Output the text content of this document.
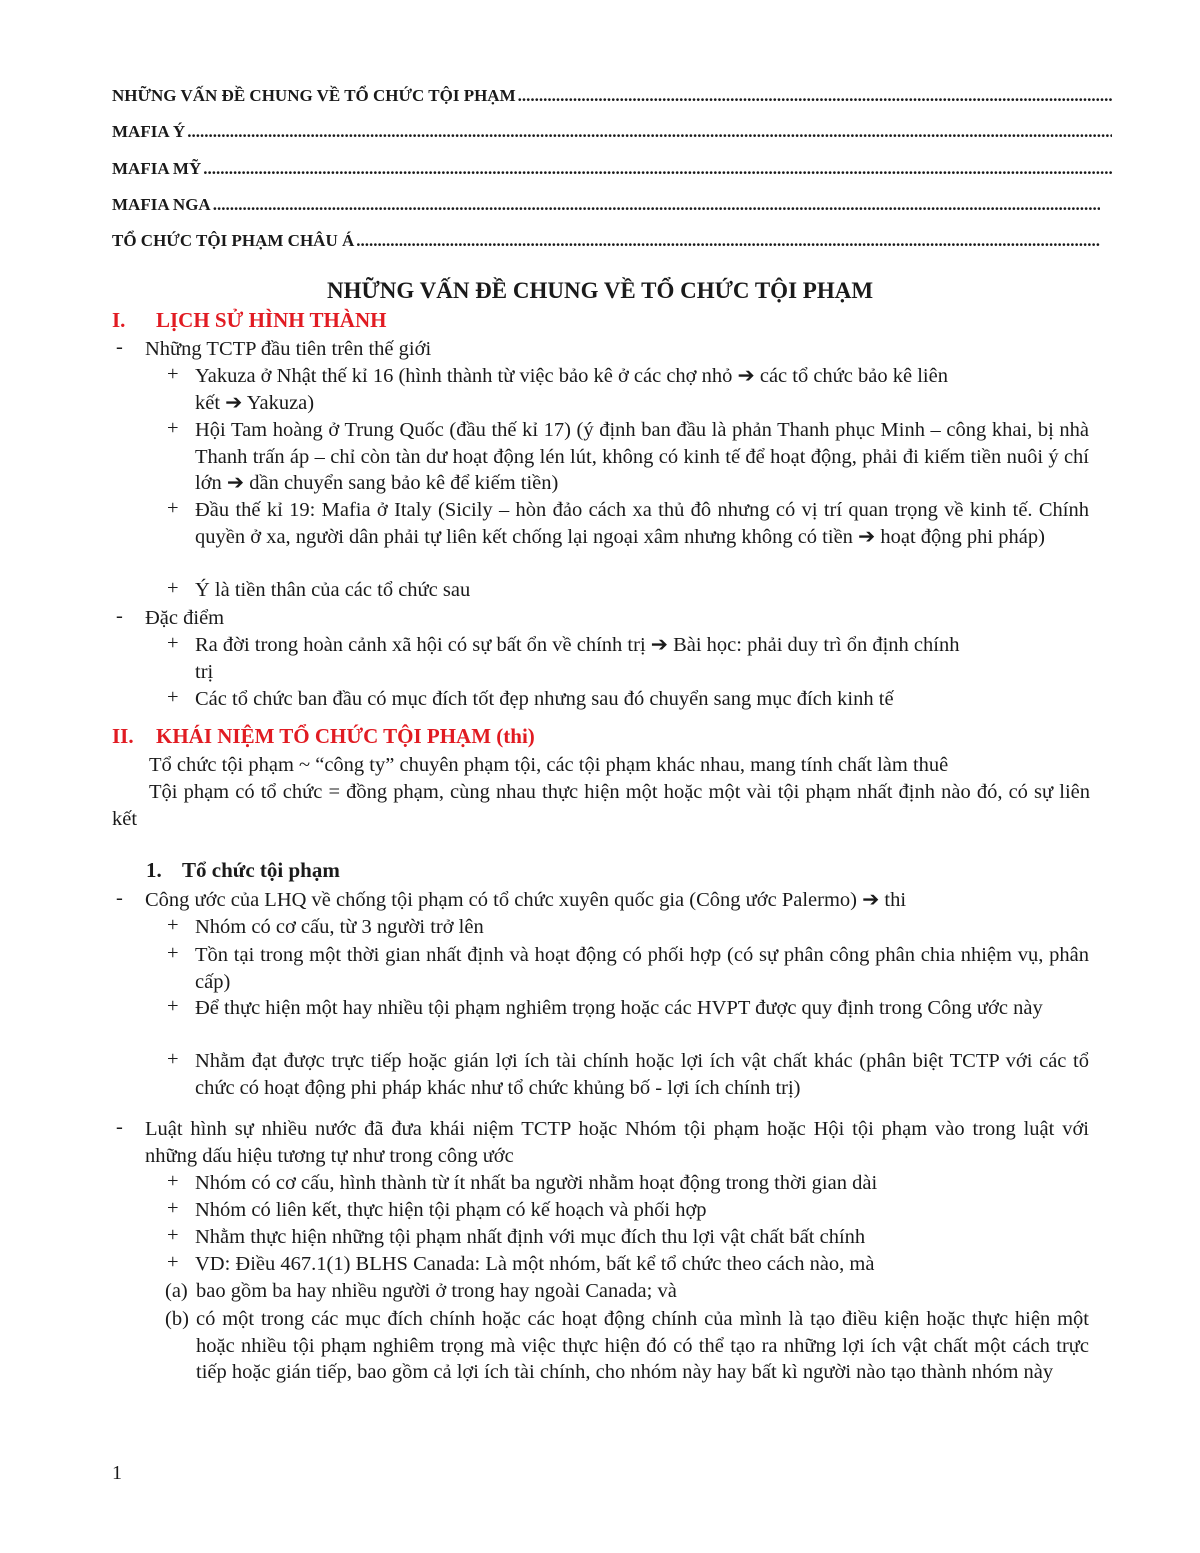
NHỮNG VẤN ĐỀ CHUNG VỀ TỔ CHỨC TỘI PHẠM
.....
MAFIA Ý
.....
MAFIA MỸ
.....
MAFIA NGA
.....
TỔ CHỨC TỘI PHẠM CHÂU Á
.....
NHỮNG VẤN ĐỀ CHUNG VỀ TỔ CHỨC TỘI PHẠM
I. LỊCH SỬ HÌNH THÀNH
- Những TCTP đầu tiên trên thế giới
+ Yakuza ở Nhật thế kỉ 16 (hình thành từ việc bảo kê ở các chợ nhỏ ➔ các tổ chức bảo kê liên
kết ➔ Yakuza)
+ Hội Tam hoàng ở Trung Quốc (đầu thế kỉ 17) (ý định ban đầu là phản Thanh phục Minh – công khai, bị nhà Thanh trấn áp – chỉ còn tàn dư hoạt động lén lút, không có kinh tế để hoạt động, phải đi kiếm tiền nuôi ý chí lớn ➔ dần chuyển sang bảo kê để kiếm tiền)
+ Đầu thế kỉ 19: Mafia ở Italy (Sicily – hòn đảo cách xa thủ đô nhưng có vị trí quan trọng về kinh tế. Chính quyền ở xa, người dân phải tự liên kết chống lại ngoại xâm nhưng không có tiền ➔ hoạt động phi pháp)
+ Ý là tiền thân của các tổ chức sau
- Đặc điểm
+ Ra đời trong hoàn cảnh xã hội có sự bất ổn về chính trị ➔ Bài học: phải duy trì ổn định chính
trị
+ Các tổ chức ban đầu có mục đích tốt đẹp nhưng sau đó chuyển sang mục đích kinh tế
II. KHÁI NIỆM TỔ CHỨC TỘI PHẠM (thi)
Tổ chức tội phạm ~ “công ty” chuyên phạm tội, các tội phạm khác nhau, mang tính chất làm thuê
Tội phạm có tổ chức = đồng phạm, cùng nhau thực hiện một hoặc một vài tội phạm nhất định nào đó, có sự liên kết
1. Tổ chức tội phạm
- Công ước của LHQ về chống tội phạm có tổ chức xuyên quốc gia (Công ước Palermo) ➔ thi
+ Nhóm có cơ cấu, từ 3 người trở lên
+ Tồn tại trong một thời gian nhất định và hoạt động có phối hợp (có sự phân công phân chia nhiệm vụ, phân cấp)
+ Để thực hiện một hay nhiều tội phạm nghiêm trọng hoặc các HVPT được quy định trong Công ước này
+ Nhằm đạt được trực tiếp hoặc gián lợi ích tài chính hoặc lợi ích vật chất khác (phân biệt TCTP với các tổ chức có hoạt động phi pháp khác như tổ chức khủng bố - lợi ích chính trị)
- Luật hình sự nhiều nước đã đưa khái niệm TCTP hoặc Nhóm tội phạm hoặc Hội tội phạm vào trong luật với những dấu hiệu tương tự như trong công ước
+ Nhóm có cơ cấu, hình thành từ ít nhất ba người nhằm hoạt động trong thời gian dài
+ Nhóm có liên kết, thực hiện tội phạm có kế hoạch và phối hợp
+ Nhằm thực hiện những tội phạm nhất định với mục đích thu lợi vật chất bất chính
+ VD: Điều 467.1(1) BLHS Canada: Là một nhóm, bất kể tổ chức theo cách nào, mà
(a) bao gồm ba hay nhiều người ở trong hay ngoài Canada; và
(b) có một trong các mục đích chính hoặc các hoạt động chính của mình là tạo điều kiện hoặc thực hiện một hoặc nhiều tội phạm nghiêm trọng mà việc thực hiện đó có thể tạo ra những lợi ích vật chất một cách trực tiếp hoặc gián tiếp, bao gồm cả lợi ích tài chính, cho nhóm này hay bất kì người nào tạo thành nhóm này
1
